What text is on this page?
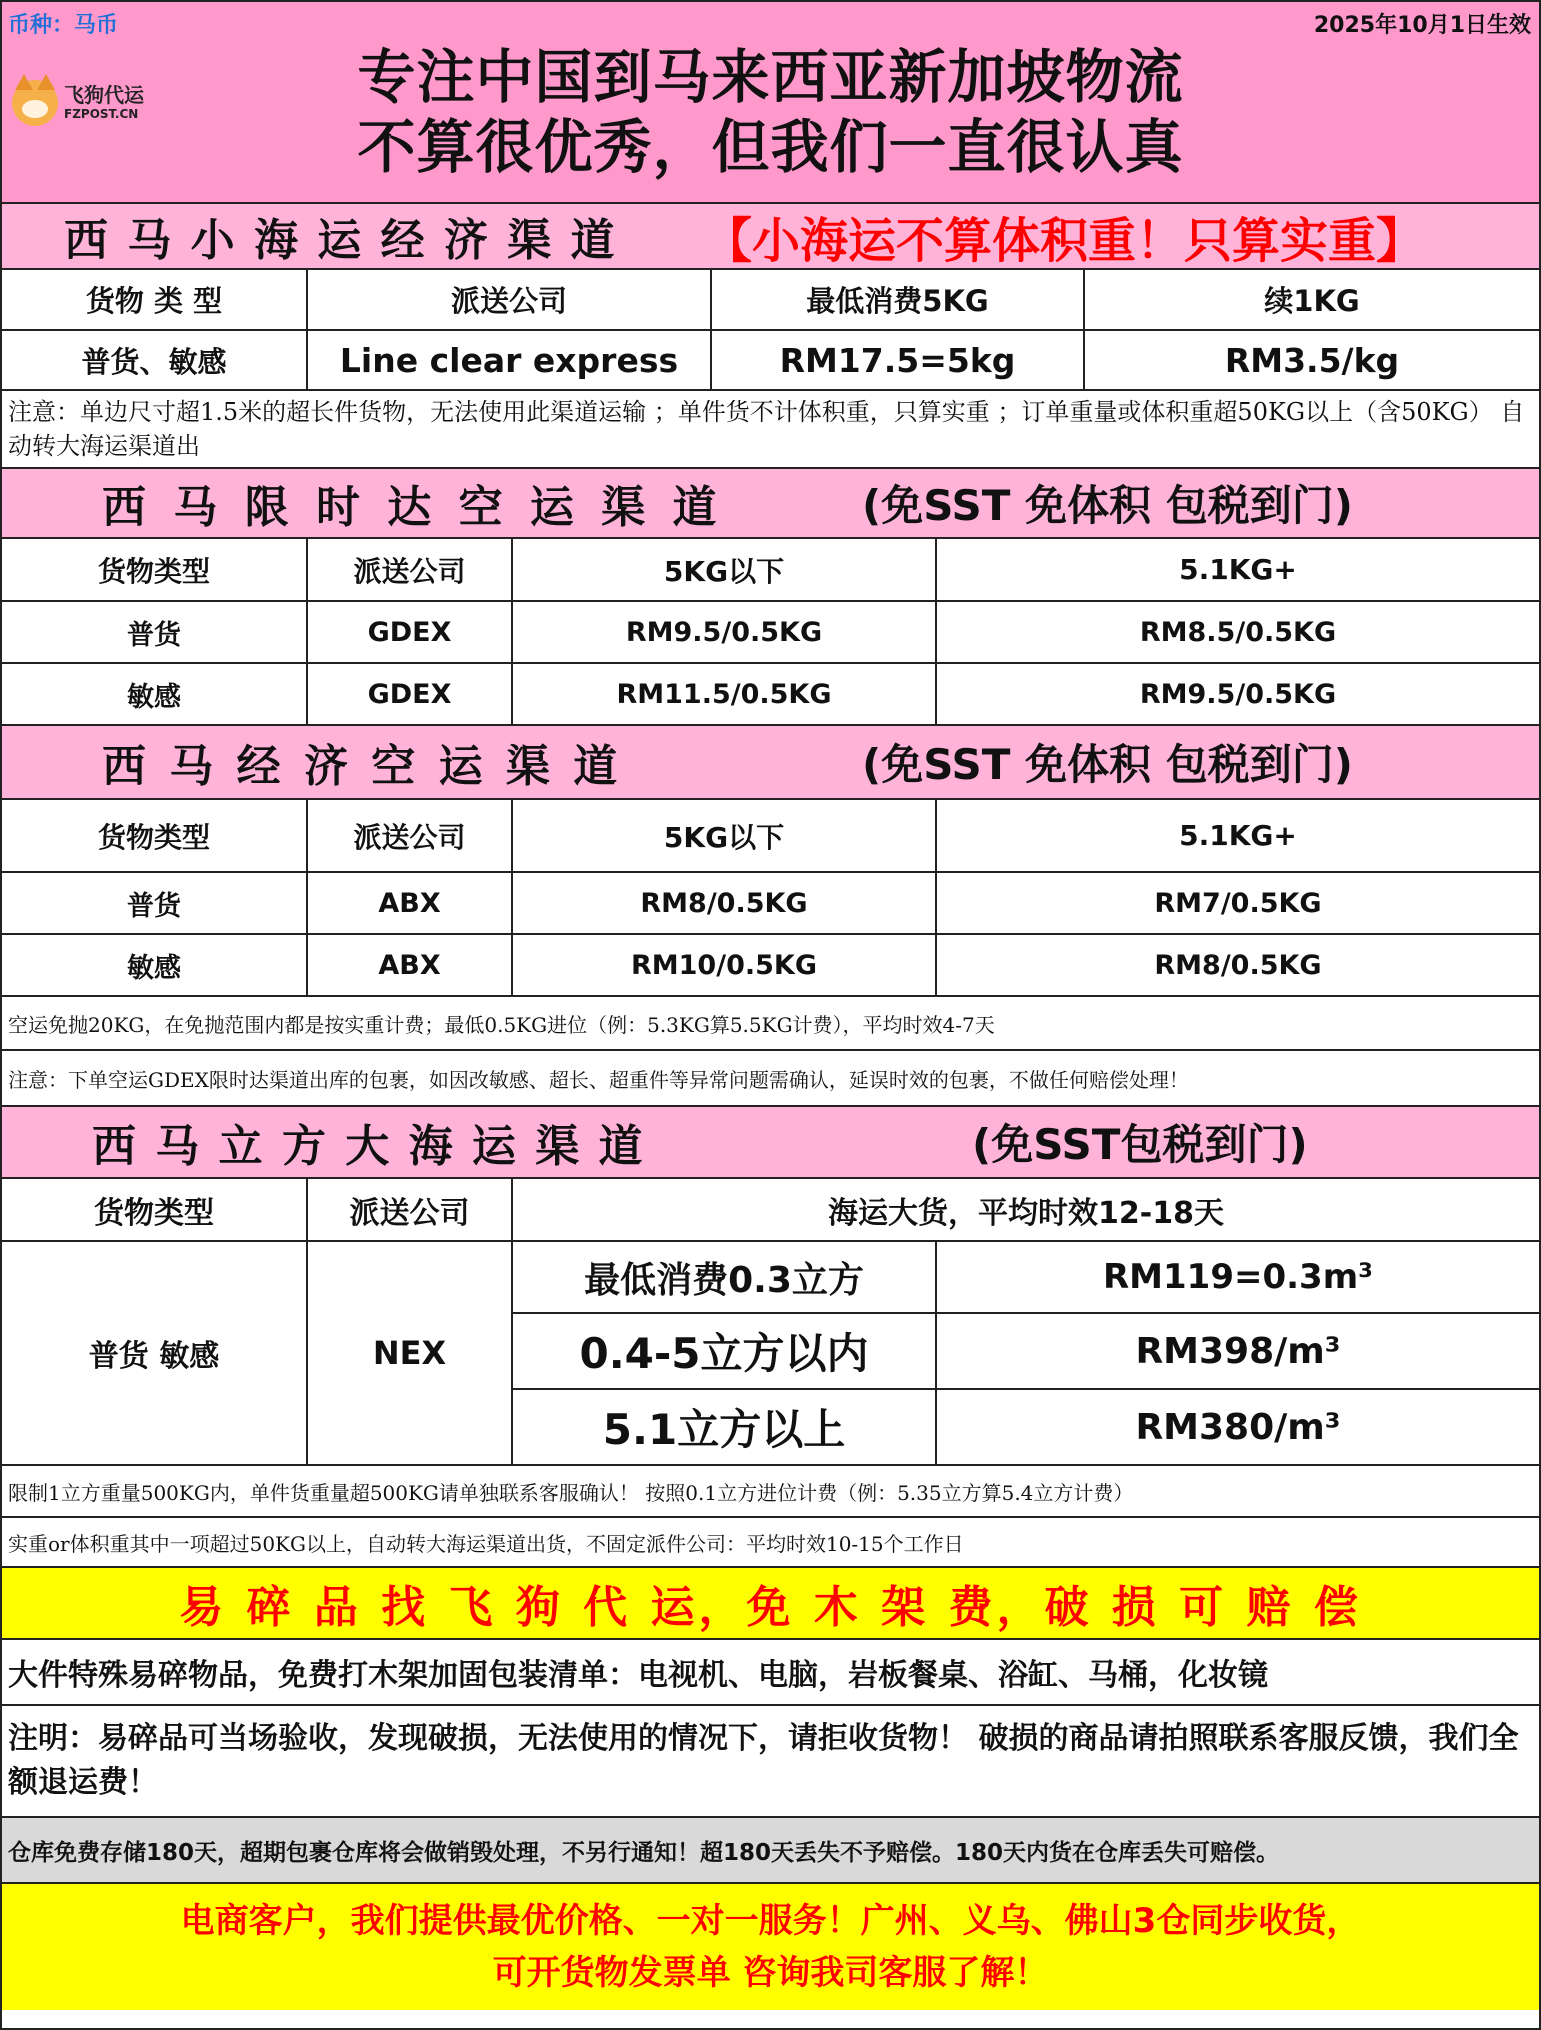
币种：马币	2025年10月1日生效
飞狗代运
FZPOST.CN
专注中国到马来西亚新加坡物流
不算很优秀，但我们一直很认真
西 马 小 海 运 经 济 渠 道	【小海运不算体积重！只算实重】
货物 类 型	派送公司	最低消费5KG	续1KG
普货、敏感	Line clear express	RM17.5=5kg	RM3.5/kg
注意：单边尺寸超1.5米的超长件货物，无法使用此渠道运输 ；单件货不计体积重，只算实重 ；订单重量或体积重超50KG以上（含50KG） 自动转大海运渠道出
西 马 限 时 达 空 运 渠 道	(免SST 免体积 包税到门)
货物类型	派送公司	5KG以下	5.1KG+
普货	GDEX	RM9.5/0.5KG	RM8.5/0.5KG
敏感	GDEX	RM11.5/0.5KG	RM9.5/0.5KG
西 马 经 济 空 运 渠 道	(免SST 免体积 包税到门)
货物类型	派送公司	5KG以下	5.1KG+
普货	ABX	RM8/0.5KG	RM7/0.5KG
敏感	ABX	RM10/0.5KG	RM8/0.5KG
空运免抛20KG，在免抛范围内都是按实重计费；最低0.5KG进位（例：5.3KG算5.5KG计费），平均时效4-7天
注意：下单空运GDEX限时达渠道出库的包裹，如因改敏感、超长、超重件等异常问题需确认，延误时效的包裹，不做任何赔偿处理！
西 马 立 方 大 海 运 渠 道	(免SST包税到门)
货物类型	派送公司	海运大货，平均时效12-18天	
普货 敏感	NEX	最低消费0.3立方	RM119=0.3m³
		0.4-5立方以内	RM398/m³
		5.1立方以上	RM380/m³
限制1立方重量500KG内，单件货重量超500KG请单独联系客服确认！ 按照0.1立方进位计费（例：5.35立方算5.4立方计费）
实重or体积重其中一项超过50KG以上，自动转大海运渠道出货，不固定派件公司：平均时效10-15个工作日
易 碎 品 找 飞 狗 代 运，免 木 架 费，破 损 可 赔 偿
大件特殊易碎物品，免费打木架加固包装清单：电视机、电脑，岩板餐桌、浴缸、马桶，化妆镜
注明：易碎品可当场验收，发现破损，无法使用的情况下，请拒收货物！ 破损的商品请拍照联系客服反馈，我们全额退运费！
仓库免费存储180天，超期包裹仓库将会做销毁处理，不另行通知！超180天丢失不予赔偿。180天内货在仓库丢失可赔偿。
电商客户，我们提供最优价格、一对一服务！广州、义乌、佛山3仓同步收货，
可开货物发票单 咨询我司客服了解！
